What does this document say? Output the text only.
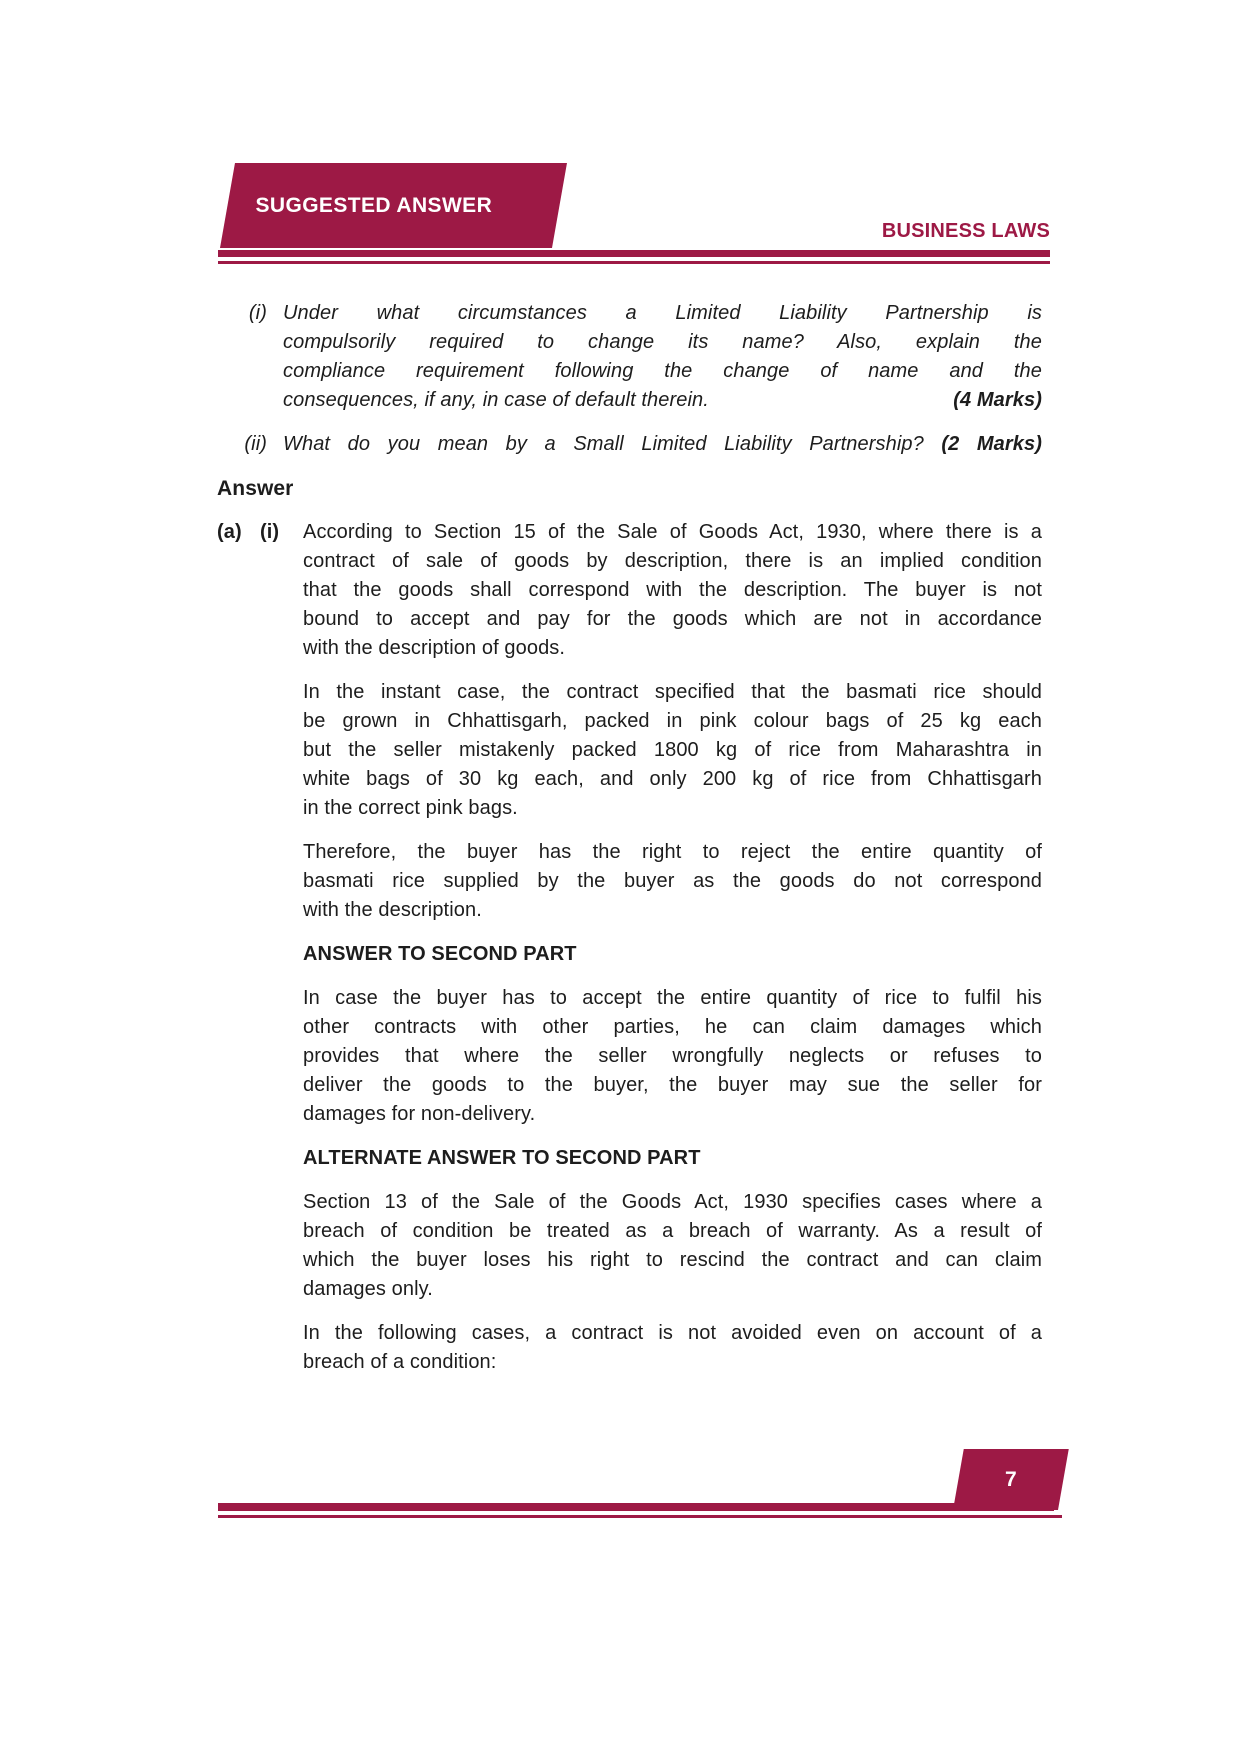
SUGGESTED ANSWER
BUSINESS LAWS
(i) Under what circumstances a Limited Liability Partnership is
compulsorily required to change its name? Also, explain the
compliance requirement following the change of name and the
consequences, if any, in case of default therein.	(4 Marks)
(ii) What do you mean by a Small Limited Liability Partnership? (2 Marks)
Answer
(a) (i) According to Section 15 of the Sale of Goods Act, 1930, where there is a
contract of sale of goods by description, there is an implied condition
that the goods shall correspond with the description. The buyer is not
bound to accept and pay for the goods which are not in accordance
with the description of goods.
In the instant case, the contract specified that the basmati rice should
be grown in Chhattisgarh, packed in pink colour bags of 25 kg each
but the seller mistakenly packed 1800 kg of rice from Maharashtra in
white bags of 30 kg each, and only 200 kg of rice from Chhattisgarh
in the correct pink bags.
Therefore, the buyer has the right to reject the entire quantity of
basmati rice supplied by the buyer as the goods do not correspond
with the description.
ANSWER TO SECOND PART
In case the buyer has to accept the entire quantity of rice to fulfil his
other contracts with other parties, he can claim damages which
provides that where the seller wrongfully neglects or refuses to
deliver the goods to the buyer, the buyer may sue the seller for
damages for non-delivery.
ALTERNATE ANSWER TO SECOND PART
Section 13 of the Sale of the Goods Act, 1930 specifies cases where a
breach of condition be treated as a breach of warranty. As a result of
which the buyer loses his right to rescind the contract and can claim
damages only.
In the following cases, a contract is not avoided even on account of a
breach of a condition:
7
